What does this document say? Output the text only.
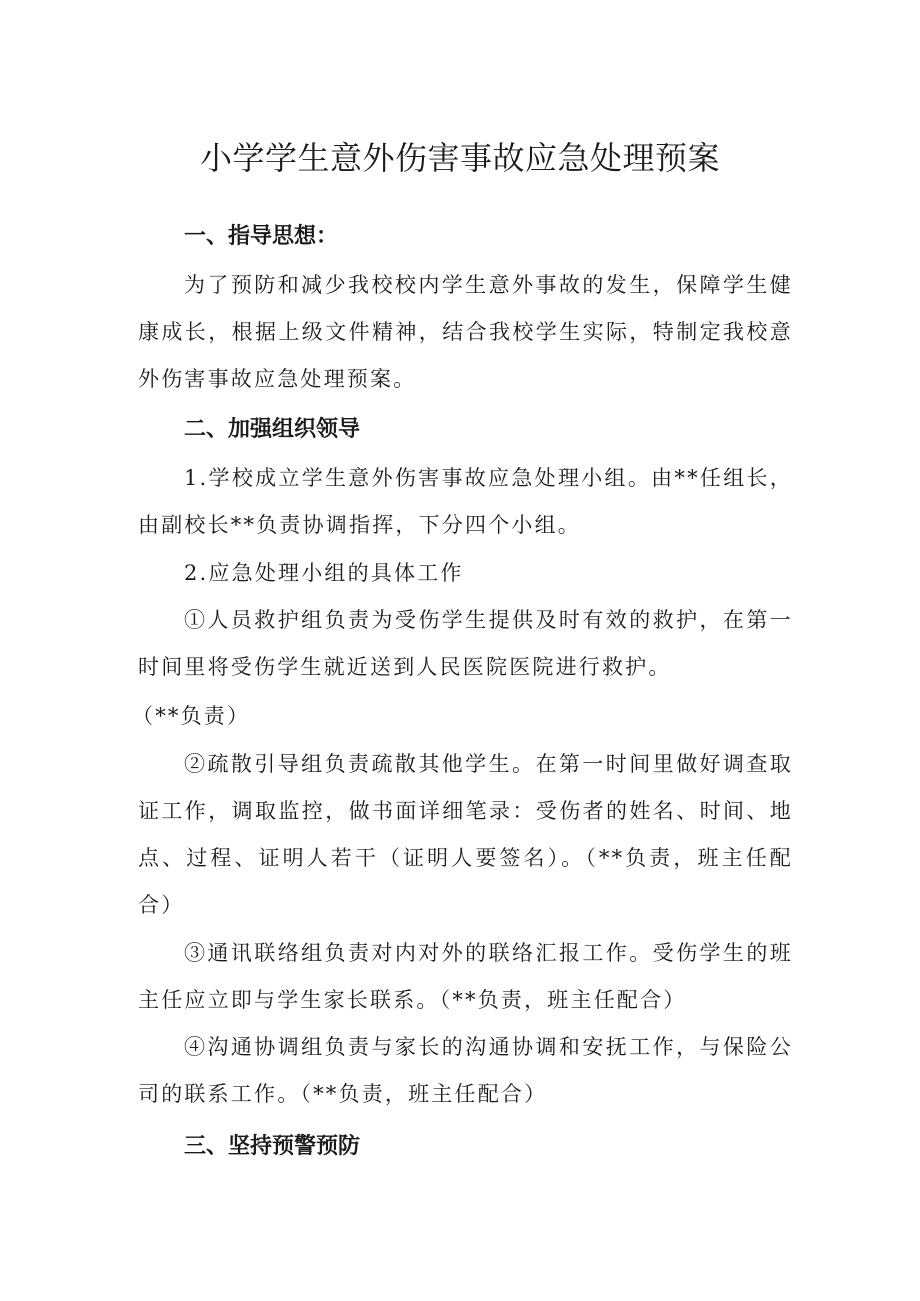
小学学生意外伤害事故应急处理预案
一、指导思想：

为了预防和减少我校校内学生意外事故的发生，保障学生健康成长，根据上级文件精神，结合我校学生实际，特制定我校意外伤害事故应急处理预案。

二、加强组织领导

1.学校成立学生意外伤害事故应急处理小组。由**任组长，由副校长**负责协调指挥，下分四个小组。

2.应急处理小组的具体工作

①人员救护组负责为受伤学生提供及时有效的救护，在第一时间里将受伤学生就近送到人民医院医院进行救护。

（**负责）

②疏散引导组负责疏散其他学生。在第一时间里做好调查取证工作，调取监控，做书面详细笔录：受伤者的姓名、时间、地点、过程、证明人若干（证明人要签名）。（**负责，班主任配合）

③通讯联络组负责对内对外的联络汇报工作。受伤学生的班主任应立即与学生家长联系。（**负责，班主任配合）

④沟通协调组负责与家长的沟通协调和安抚工作，与保险公司的联系工作。（**负责，班主任配合）

三、坚持预警预防
